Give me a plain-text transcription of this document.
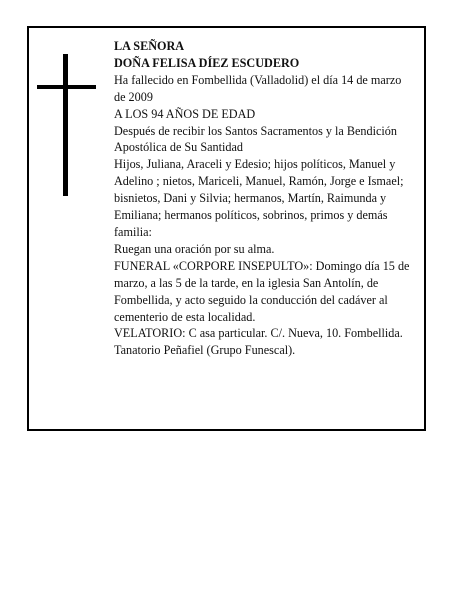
LA SEÑORA

DOÑA FELISA DÍEZ ESCUDERO

Ha fallecido en Fombellida (Valladolid) el día 14 de marzo de 2009

A LOS 94 AÑOS DE EDAD

Después de recibir los Santos Sacramentos y la Bendición Apostólica de Su Santidad

Hijos, Juliana, Araceli y Edesio; hijos políticos, Manuel y Adelino ; nietos, Mariceli, Manuel, Ramón, Jorge e Ismael; bisnietos, Dani y Silvia; hermanos, Martín, Raimunda y Emiliana; hermanos políticos, sobrinos, primos y demás familia:

Ruegan una oración por su alma.

FUNERAL «CORPORE INSEPULTO»: Domingo día 15 de marzo, a las 5 de la tarde, en la iglesia San Antolín, de Fombellida, y acto seguido la conducción del cadáver al cementerio de esta localidad.

VELATORIO: C asa particular. C/. Nueva, 10. Fombellida.

Tanatorio Peñafiel (Grupo Funescal).
